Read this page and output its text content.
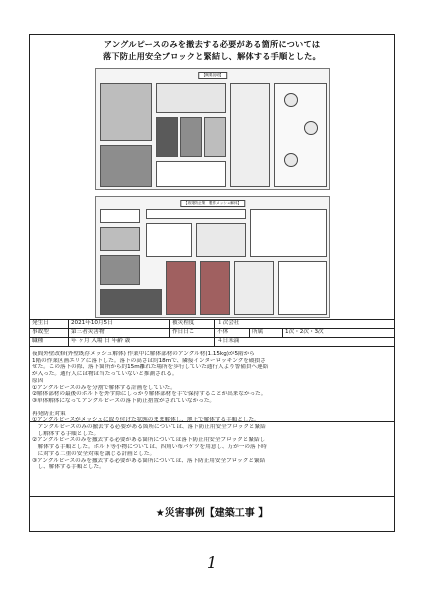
アングルピースのみを撤去する必要がある箇所については
落下防止用安全ブロックと緊結し、解体する手順とした。
【概要説明】
【再発防止策　製作メッシュ解体】
発生日	2021年10月5日	被災程度	１次会社		
事故型	第三者災害物	作日日こ	不休	所属	1次・2次・3次
職種	年 ヶ月 入場 日 年齢 歳		４日未満		
夜間外壁改修(外壁既存メッシュ解体) 作業中に解体部材のアングル材(1.15kg)が5階から
1階の作業区画エリアに落下した。落下の高さは約18mで、隣接インターロッキングを破損さ
せた。この落下の際、落下箇所から約15m離れた場所を歩行していた通行人より警備員へ連絡
が入った。通行人には物は当たっていないと推測される。
原因
①アングルピースのみを分割で解体する計画をしていた。
②解体部材の最後のボルトを外す際にしっかり解体部材を手で保持することが出来なかった。
③単体解体になってアングルピースの落下防止措置がされていなかった。
再発防止対策
　アングルピースのみの撤去する必要がある箇所については、落下防止用安全ブロックと緊結
　し解体する手順とした。
②アングルピースのみを撤去する必要がある箇所については落下防止用安全ブロックと緊結し
　解体する手順とした。ボルト等小物については、四角い布バケツを用意し、万が一の落下時
　に対する二重の安全対策を講じる計画とした。
③アングルピースのみを撤去する必要がある箇所については、落下防止用安全ブロックと緊結
　し、解体する手順とした。
★災害事例【建築工事 】
1
